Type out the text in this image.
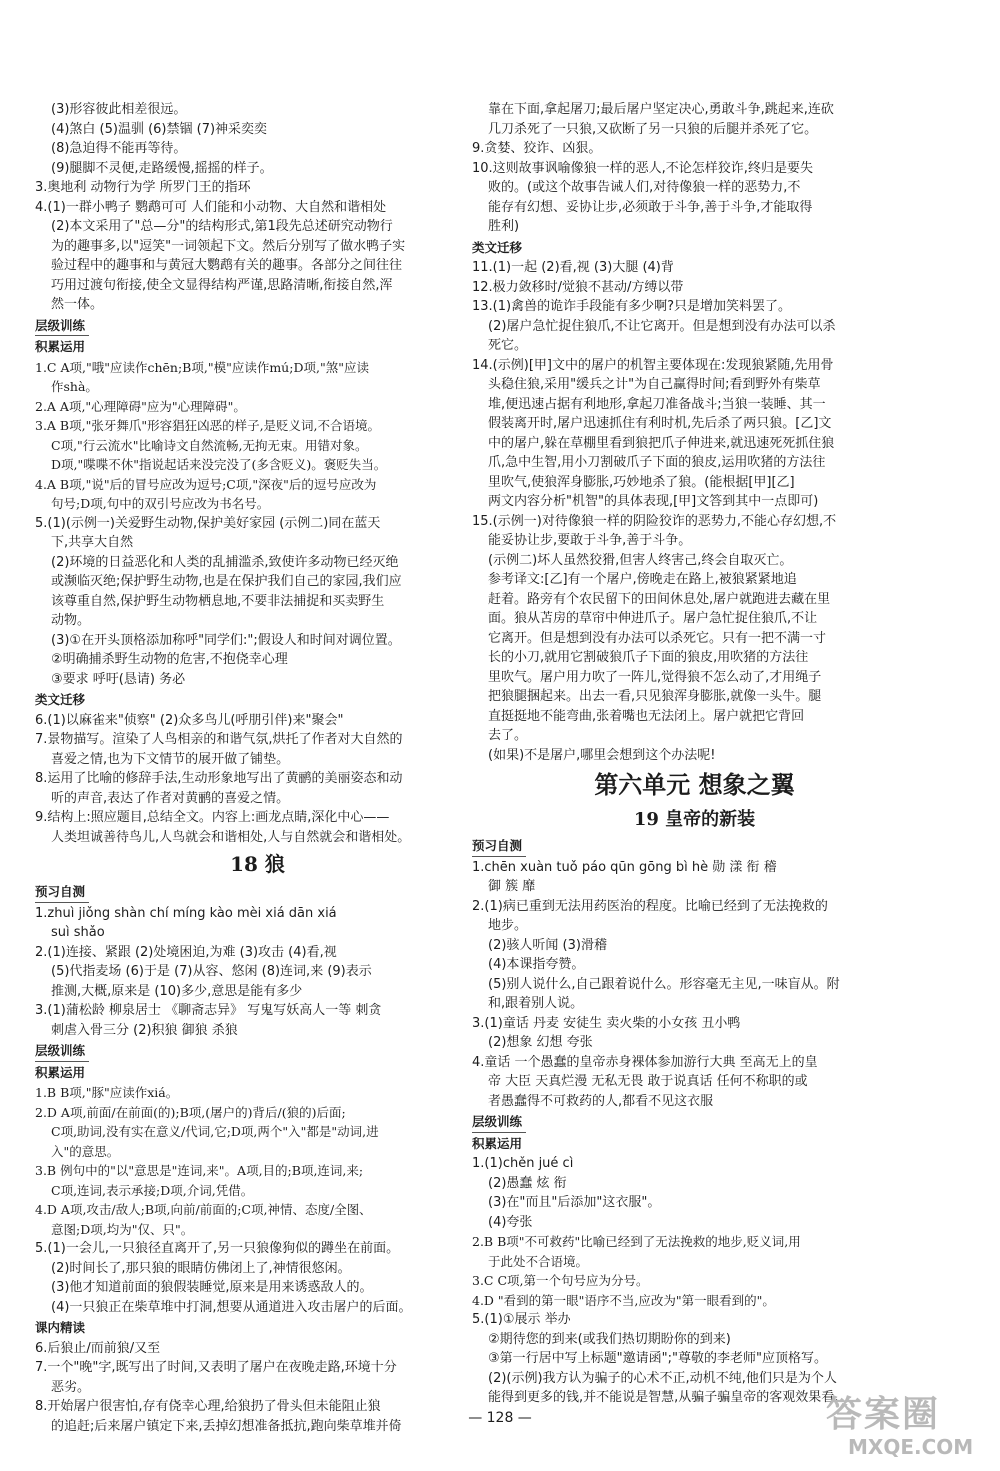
(3)形容彼此相差很远。

(4)煞白 (5)温驯 (6)禁锢 (7)神采奕奕

(8)急迫得不能再等待。

(9)腿脚不灵便,走路缓慢,摇摇的样子。

3.奥地利 动物行为学 所罗门王的指环

4.(1)一群小鸭子 鹦鹉可可 人们能和小动物、大自然和谐相处

(2)本文采用了"总—分"的结构形式,第1段先总述研究动物行

为的趣事多,以"逗笑"一词领起下文。然后分别写了做水鸭子实

验过程中的趣事和与黄冠大鹦鹉有关的趣事。各部分之间往往

巧用过渡句衔接,使全文显得结构严谨,思路清晰,衔接自然,浑

然一体。

层级训练

积累运用

1.C A项,"哦"应读作chēn;B项,"模"应读作mú;D项,"煞"应读

作shà。

2.A A项,"心理障碍"应为"心理障碍"。

3.A B项,"张牙舞爪"形容猖狂凶恶的样子,是贬义词,不合语境。

C项,"行云流水"比喻诗文自然流畅,无拘无束。用错对象。

D项,"喋喋不休"指说起话来没完没了(多含贬义)。褒贬失当。

4.A B项,"说"后的冒号应改为逗号;C项,"深夜"后的逗号应改为

句号;D项,句中的双引号应改为书名号。

5.(1)(示例一)关爱野生动物,保护美好家园 (示例二)同在蓝天

下,共享大自然

(2)环境的日益恶化和人类的乱捕滥杀,致使许多动物已经灭绝

或濒临灭绝;保护野生动物,也是在保护我们自己的家园,我们应

该尊重自然,保护野生动物栖息地,不要非法捕捉和买卖野生

动物。

(3)①在开头顶格添加称呼"同学们:";假设人和时间对调位置。

②明确捕杀野生动物的危害,不抱侥幸心理

③要求 呼吁(恳请) 务必

类文迁移

6.(1)以麻雀来"侦察" (2)众多鸟儿(呼朋引伴)来"聚会"

7.景物描写。渲染了人鸟相亲的和谐气氛,烘托了作者对大自然的

喜爱之情,也为下文情节的展开做了铺垫。

8.运用了比喻的修辞手法,生动形象地写出了黄鹂的美丽姿态和动

听的声音,表达了作者对黄鹂的喜爱之情。

9.结构上:照应题目,总结全文。内容上:画龙点睛,深化中心——

人类坦诚善待鸟儿,人鸟就会和谐相处,人与自然就会和谐相处。

18 狼

预习自测

1.zhuì jiǒng shàn chí míng kào mèi xiá dān xiá

suì shǎo

2.(1)连接、紧跟 (2)处境困迫,为难 (3)攻击 (4)看,视

(5)代指麦场 (6)于是 (7)从容、悠闲 (8)连词,来 (9)表示

推测,大概,原来是 (10)多少,意思是能有多少

3.(1)蒲松龄 柳泉居士 《聊斋志异》 写鬼写妖高人一等 刺贪

刺虐入骨三分 (2)积狼 御狼 杀狼

层级训练

积累运用

1.B B项,"豚"应读作xiá。

2.D A项,前面/在前面(的);B项,(屠户的)背后/(狼的)后面;

C项,助词,没有实在意义/代词,它;D项,两个"入"都是"动词,进

入"的意思。

3.B 例句中的"以"意思是"连词,来"。A项,目的;B项,连词,来;

C项,连词,表示承接;D项,介词,凭借。

4.D A项,攻击/敌人;B项,向前/前面的;C项,神情、态度/全图、

意图;D项,均为"仅、只"。

5.(1)一会儿,一只狼径直离开了,另一只狼像狗似的蹲坐在前面。

(2)时间长了,那只狼的眼睛仿佛闭上了,神情很悠闲。

(3)他才知道前面的狼假装睡觉,原来是用来诱惑敌人的。

(4)一只狼正在柴草堆中打洞,想要从通道进入攻击屠户的后面。

课内精读

6.后狼止/而前狼/又至

7.一个"晚"字,既写出了时间,又表明了屠户在夜晚走路,环境十分

恶劣。

8.开始屠户很害怕,存有侥幸心理,给狼扔了骨头但未能阻止狼

的追赶;后来屠户镇定下来,丢掉幻想准备抵抗,跑向柴草堆并倚

靠在下面,拿起屠刀;最后屠户坚定决心,勇敢斗争,跳起来,连砍

几刀杀死了一只狼,又砍断了另一只狼的后腿并杀死了它。

9.贪婪、狡诈、凶狠。

10.这则故事讽喻像狼一样的恶人,不论怎样狡诈,终归是要失

败的。(或这个故事告诫人们,对待像狼一样的恶势力,不

能存有幻想、妥协让步,必须敢于斗争,善于斗争,才能取得

胜利)

类文迁移

11.(1)一起 (2)看,视 (3)大腿 (4)背

12.极力敛移时/觉狼不甚动/方缚以带

13.(1)禽兽的诡诈手段能有多少啊?只是增加笑料罢了。

(2)屠户急忙捉住狼爪,不让它离开。但是想到没有办法可以杀

死它。

14.(示例)[甲]文中的屠户的机智主要体现在:发现狼紧随,先用骨

头稳住狼,采用"缓兵之计"为自己赢得时间;看到野外有柴草

堆,便迅速占据有利地形,拿起刀准备战斗;当狼一装睡、其一

假装离开时,屠户迅速抓住有利时机,先后杀了两只狼。[乙]文

中的屠户,躲在草棚里看到狼把爪子伸进来,就迅速死死抓住狼

爪,急中生智,用小刀割破爪子下面的狼皮,运用吹猪的方法往

里吹气,使狼浑身膨胀,巧妙地杀了狼。(能根据[甲][乙]

两文内容分析"机智"的具体表现,[甲]文答到其中一点即可)

15.(示例一)对待像狼一样的阴险狡诈的恶势力,不能心存幻想,不

能妥协让步,要敢于斗争,善于斗争。

(示例二)坏人虽然狡猾,但害人终害己,终会自取灭亡。

参考译文:[乙]有一个屠户,傍晚走在路上,被狼紧紧地追

赶着。路旁有个农民留下的田间休息处,屠户就跑进去藏在里

面。狼从苫房的草帘中伸进爪子。屠户急忙捉住狼爪,不让

它离开。但是想到没有办法可以杀死它。只有一把不满一寸

长的小刀,就用它割破狼爪子下面的狼皮,用吹猪的方法往

里吹气。屠户用力吹了一阵儿,觉得狼不怎么动了,才用绳子

把狼腿捆起来。出去一看,只见狼浑身膨胀,就像一头牛。腿

直挺挺地不能弯曲,张着嘴也无法闭上。屠户就把它背回

去了。

(如果)不是屠户,哪里会想到这个办法呢!

第六单元 想象之翼

19 皇帝的新装

预习自测

1.chēn xuàn tuǒ páo qūn gōng bì hè 勋 漾 衔 稽

御 簇 靡

2.(1)病已重到无法用药医治的程度。比喻已经到了无法挽救的

地步。

(2)骇人听闻 (3)滑稽

(4)本课指夸赞。

(5)别人说什么,自己跟着说什么。形容毫无主见,一味盲从。附

和,跟着别人说。

3.(1)童话 丹麦 安徒生 卖火柴的小女孩 丑小鸭

(2)想象 幻想 夸张

4.童话 一个愚蠢的皇帝赤身裸体参加游行大典 至高无上的皇

帝 大臣 天真烂漫 无私无畏 敢于说真话 任何不称职的或

者愚蠢得不可救药的人,都看不见这衣服

层级训练

积累运用

1.(1)chěn jué cì

(2)愚蠢 炫 衔

(3)在"而且"后添加"这衣服"。

(4)夸张

2.B B项"不可救药"比喻已经到了无法挽救的地步,贬义词,用

于此处不合语境。

3.C C项,第一个句号应为分号。

4.D "看到的第一眼"语序不当,应改为"第一眼看到的"。

5.(1)①展示 举办

②期待您的到来(或我们热切期盼你的到来)

③第一行居中写上标题"邀请函";"尊敬的李老师"应顶格写。

(2)(示例)我方认为骗子的心术不正,动机不纯,他们只是为个人

能得到更多的钱,并不能说是智慧,从骗子骗皇帝的客观效果看,

— 128 —	答案圈
MXQE.COM
